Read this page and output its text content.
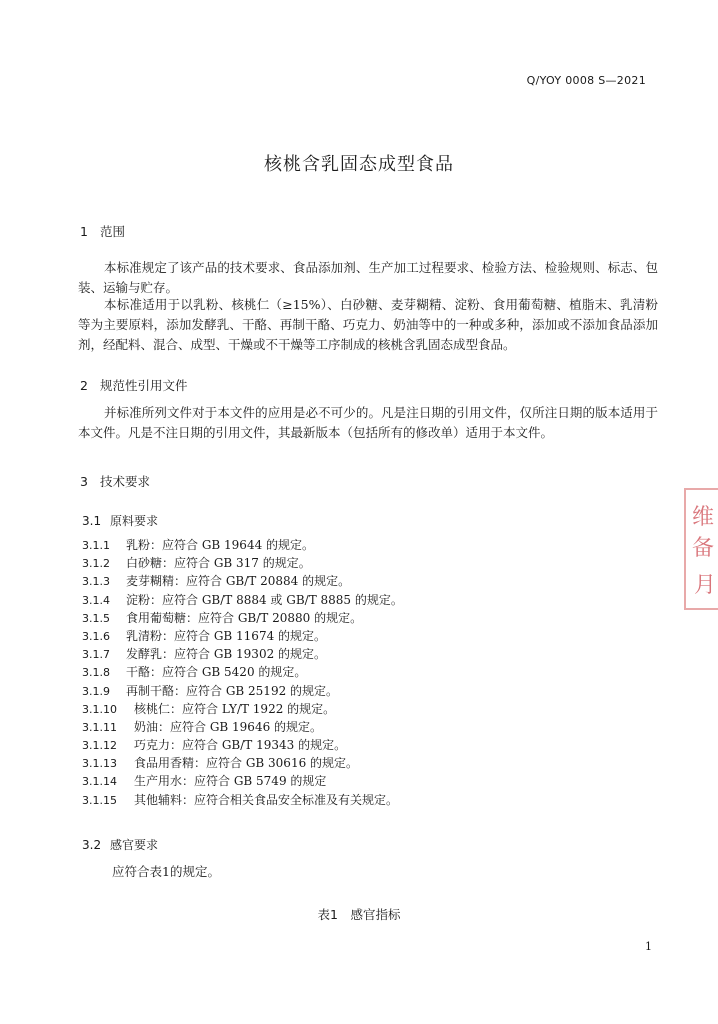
Q/YOY 0008 S—2021
核桃含乳固态成型食品
1 范围
本标准规定了该产品的技术要求、食品添加剂、生产加工过程要求、检验方法、检验规则、标志、包装、运输与贮存。
本标准适用于以乳粉、核桃仁（≥15%）、白砂糖、麦芽糊精、淀粉、食用葡萄糖、植脂末、乳清粉等为主要原料，添加发酵乳、干酪、再制干酪、巧克力、奶油等中的一种或多种，添加或不添加食品添加剂，经配料、混合、成型、干燥或不干燥等工序制成的核桃含乳固态成型食品。
2 规范性引用文件
并标准所列文件对于本文件的应用是必不可少的。凡是注日期的引用文件，仅所注日期的版本适用于本文件。凡是不注日期的引用文件，其最新版本（包括所有的修改单）适用于本文件。
3 技术要求
3.1 原料要求
3.1.1 乳粉：应符合 GB 19644 的规定。
3.1.2 白砂糖：应符合 GB 317 的规定。
3.1.3 麦芽糊精：应符合 GB/T 20884 的规定。
3.1.4 淀粉：应符合 GB/T 8884 或 GB/T 8885 的规定。
3.1.5 食用葡萄糖：应符合 GB/T 20880 的规定。
3.1.6 乳清粉：应符合 GB 11674 的规定。
3.1.7 发酵乳：应符合 GB 19302 的规定。
3.1.8 干酪：应符合 GB 5420 的规定。
3.1.9 再制干酪：应符合 GB 25192 的规定。
3.1.10 核桃仁：应符合 LY/T 1922 的规定。
3.1.11 奶油：应符合 GB 19646 的规定。
3.1.12 巧克力：应符合 GB/T 19343 的规定。
3.1.13 食品用香精：应符合 GB 30616 的规定。
3.1.14 生产用水：应符合 GB 5749 的规定
3.1.15 其他辅料：应符合相关食品安全标准及有关规定。
3.2 感官要求
应符合表1的规定。
表1　感官指标
1
维备
月
